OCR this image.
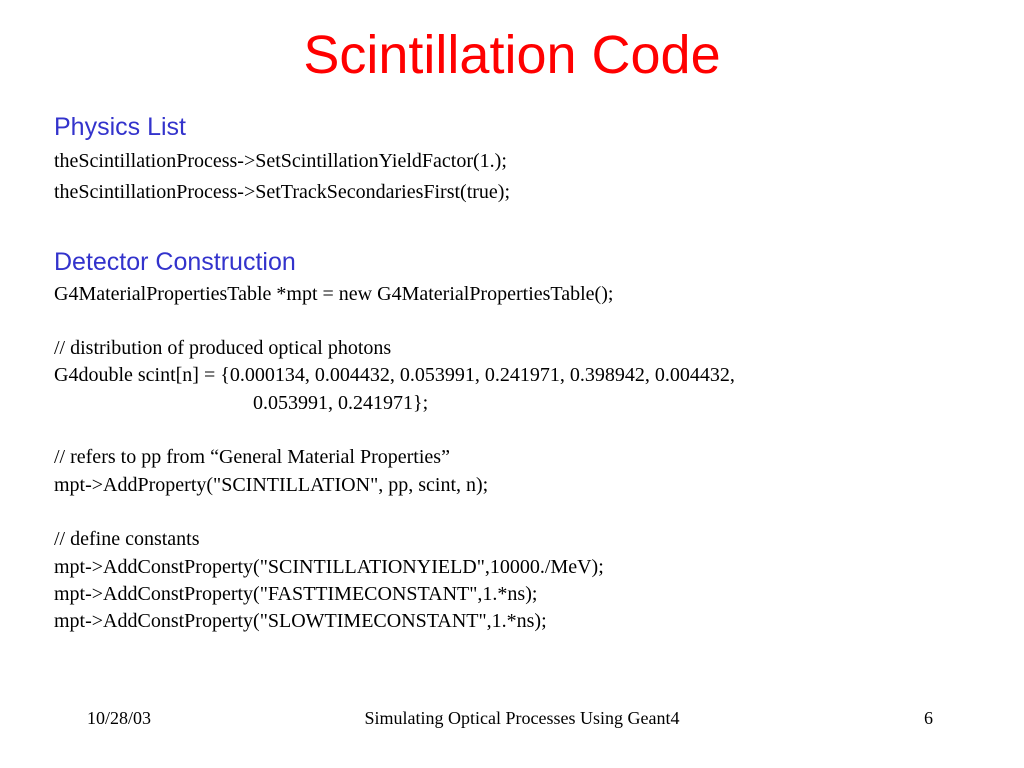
Scintillation Code
Physics List
theScintillationProcess->SetScintillationYieldFactor(1.);
theScintillationProcess->SetTrackSecondariesFirst(true);
Detector Construction
G4MaterialPropertiesTable *mpt = new G4MaterialPropertiesTable();
// distribution of produced optical photons
G4double scint[n] = {0.000134, 0.004432, 0.053991, 0.241971, 0.398942, 0.004432,
0.053991, 0.241971};
// refers to pp from “General Material Properties”
mpt->AddProperty("SCINTILLATION", pp, scint, n);
// define constants
mpt->AddConstProperty("SCINTILLATIONYIELD",10000./MeV);
mpt->AddConstProperty("FASTTIMECONSTANT",1.*ns);
mpt->AddConstProperty("SLOWTIMECONSTANT",1.*ns);
10/28/03	Simulating Optical Processes Using Geant4	6
